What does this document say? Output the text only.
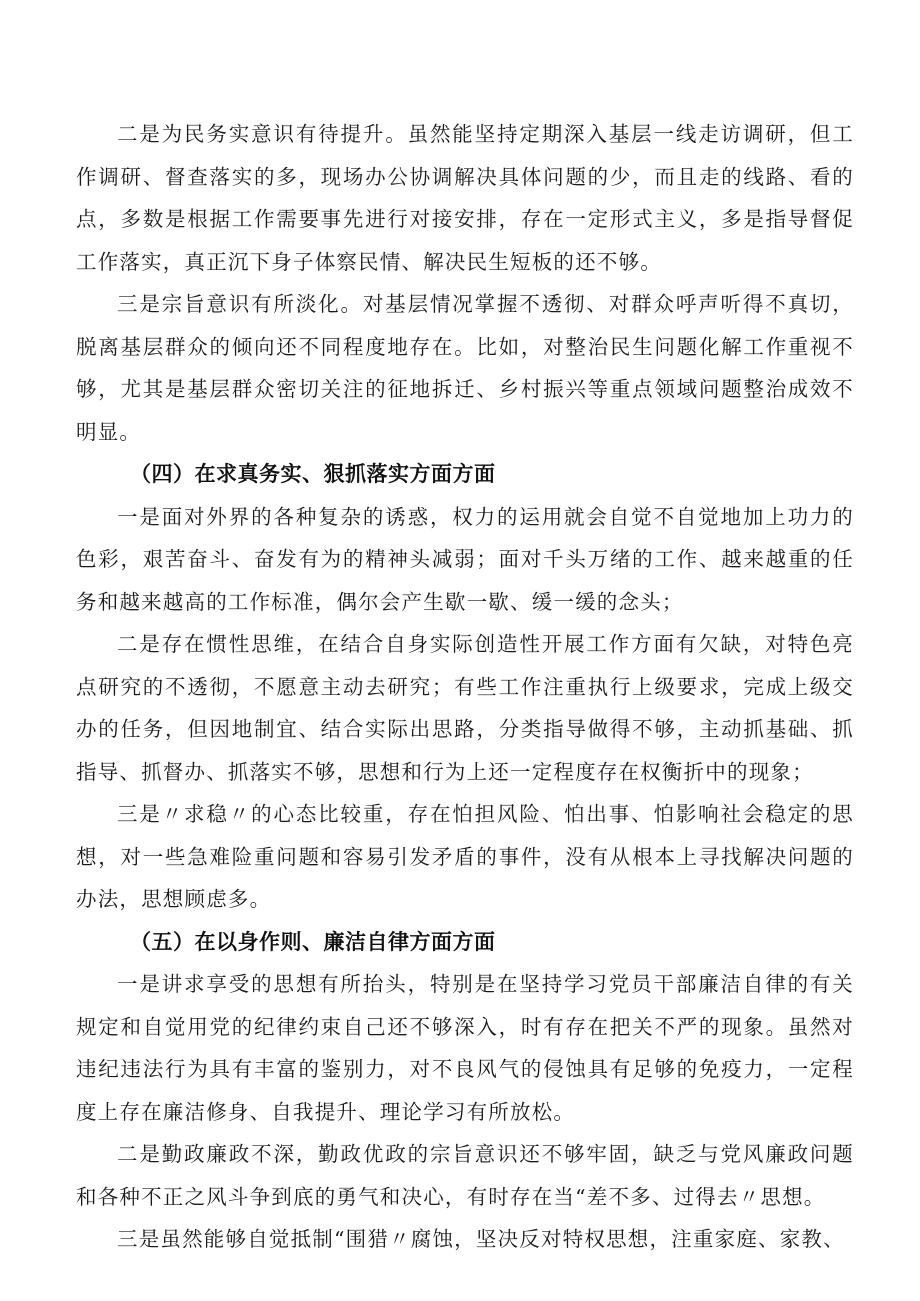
二是为民务实意识有待提升。虽然能坚持定期深入基层一线走访调研，但工作调研、督查落实的多，现场办公协调解决具体问题的少，而且走的线路、看的点，多数是根据工作需要事先进行对接安排，存在一定形式主义，多是指导督促工作落实，真正沉下身子体察民情、解决民生短板的还不够。

三是宗旨意识有所淡化。对基层情况掌握不透彻、对群众呼声听得不真切，脱离基层群众的倾向还不同程度地存在。比如，对整治民生问题化解工作重视不够，尤其是基层群众密切关注的征地拆迁、乡村振兴等重点领域问题整治成效不明显。

（四）在求真务实、狠抓落实方面方面

一是面对外界的各种复杂的诱惑，权力的运用就会自觉不自觉地加上功力的色彩，艰苦奋斗、奋发有为的精神头减弱；面对千头万绪的工作、越来越重的任务和越来越高的工作标准，偶尔会产生歇一歇、缓一缓的念头；

二是存在惯性思维，在结合自身实际创造性开展工作方面有欠缺，对特色亮点研究的不透彻，不愿意主动去研究；有些工作注重执行上级要求，完成上级交办的任务，但因地制宜、结合实际出思路，分类指导做得不够，主动抓基础、抓指导、抓督办、抓落实不够，思想和行为上还一定程度存在权衡折中的现象；

三是〃求稳〃的心态比较重，存在怕担风险、怕出事、怕影响社会稳定的思想，对一些急难险重问题和容易引发矛盾的事件，没有从根本上寻找解决问题的办法，思想顾虑多。

（五）在以身作则、廉洁自律方面方面

一是讲求享受的思想有所抬头，特别是在坚持学习党员干部廉洁自律的有关规定和自觉用党的纪律约束自己还不够深入，时有存在把关不严的现象。虽然对违纪违法行为具有丰富的鉴别力，对不良风气的侵蚀具有足够的免疫力，一定程度上存在廉洁修身、自我提升、理论学习有所放松。

二是勤政廉政不深，勤政优政的宗旨意识还不够牢固，缺乏与党风廉政问题和各种不正之风斗争到底的勇气和决心，有时存在当“差不多、过得去〃思想。

三是虽然能够自觉抵制“围猎〃腐蚀，坚决反对特权思想，注重家庭、家教、
